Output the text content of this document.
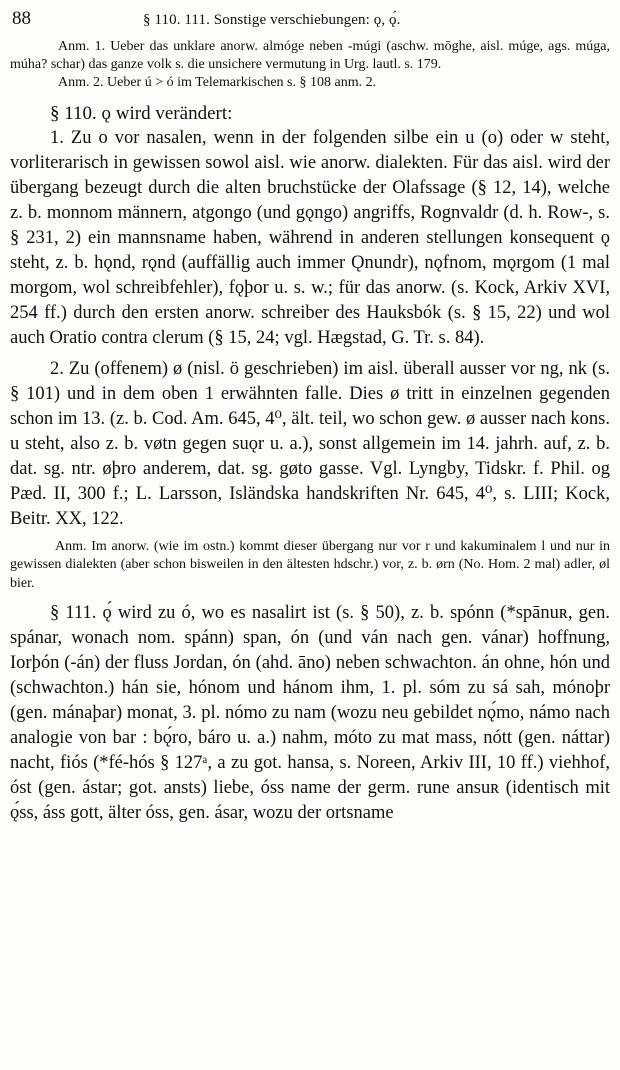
88	§ 110. 111. Sonstige verschiebungen: ǫ, ǫ́.

Anm. 1. Ueber das unklare anorw. almóge neben -múgi (aschw. mōghe, aisl. múge, ags. múga, múha? schar) das ganze volk s. die unsichere vermutung in Urg. lautl. s. 179.

Anm. 2. Ueber ú > ó im Telemarkischen s. § 108 anm. 2.

§ 110. ǫ wird verändert:

1. Zu o vor nasalen, wenn in der folgenden silbe ein u (o) oder w steht, vorliterarisch in gewissen sowol aisl. wie anorw. dialekten. Für das aisl. wird der übergang bezeugt durch die alten bruchstücke der Olafssage (§ 12, 14), welche z. b. monnom männern, atgongo (und gǫngo) angriffs, Rognvaldr (d. h. Row-, s. § 231, 2) ein mannsname haben, während in anderen stellungen konsequent ǫ steht, z. b. hǫnd, rǫnd (auffällig auch immer Ǫnundr), nǫfnom, mǫrgom (1 mal morgom, wol schreibfehler), fǫþor u. s. w.; für das anorw. (s. Kock, Arkiv XVI, 254 ff.) durch den ersten anorw. schreiber des Hauksbók (s. § 15, 22) und wol auch Oratio contra clerum (§ 15, 24; vgl. Hægstad, G. Tr. s. 84).

2. Zu (offenem) ø (nisl. ö geschrieben) im aisl. überall ausser vor ng, nk (s. § 101) und in dem oben 1 erwähnten falle. Dies ø tritt in einzelnen gegenden schon im 13. (z. b. Cod. Am. 645, 4⁰, ält. teil, wo schon gew. ø ausser nach kons. u steht, also z. b. vøtn gegen suǫr u. a.), sonst allgemein im 14. jahrh. auf, z. b. dat. sg. ntr. øþro anderem, dat. sg. gøto gasse. Vgl. Lyngby, Tidskr. f. Phil. og Pæd. II, 300 f.; L. Larsson, Isländska handskriften Nr. 645, 4⁰, s. LIII; Kock, Beitr. XX, 122.

Anm. Im anorw. (wie im ostn.) kommt dieser übergang nur vor r und kakuminalem l und nur in gewissen dialekten (aber schon bisweilen in den ältesten hdschr.) vor, z. b. ørn (No. Hom. 2 mal) adler, øl bier.

§ 111. ǫ́ wird zu ó, wo es nasalirt ist (s. § 50), z. b. spónn (*spānuʀ, gen. spánar, wonach nom. spánn) span, ón (und ván nach gen. vánar) hoffnung, Iorþón (-án) der fluss Jordan, ón (ahd. āno) neben schwachton. án ohne, hón und (schwachton.) hán sie, hónom und hánom ihm, 1. pl. sóm zu sá sah, mónoþr (gen. mánaþar) monat, 3. pl. nómo zu nam (wozu neu gebildet nǫ́mo, námo nach analogie von bar : bǫ́ro, báro u. a.) nahm, móto zu mat mass, nótt (gen. náttar) nacht, fiós (*fé-hós § 127ᵃ, a zu got. hansa, s. Noreen, Arkiv III, 10 ff.) viehhof, óst (gen. ástar; got. ansts) liebe, óss name der germ. rune ansuʀ (identisch mit ǫ́ss, áss gott, älter óss, gen. ásar, wozu der ortsname
